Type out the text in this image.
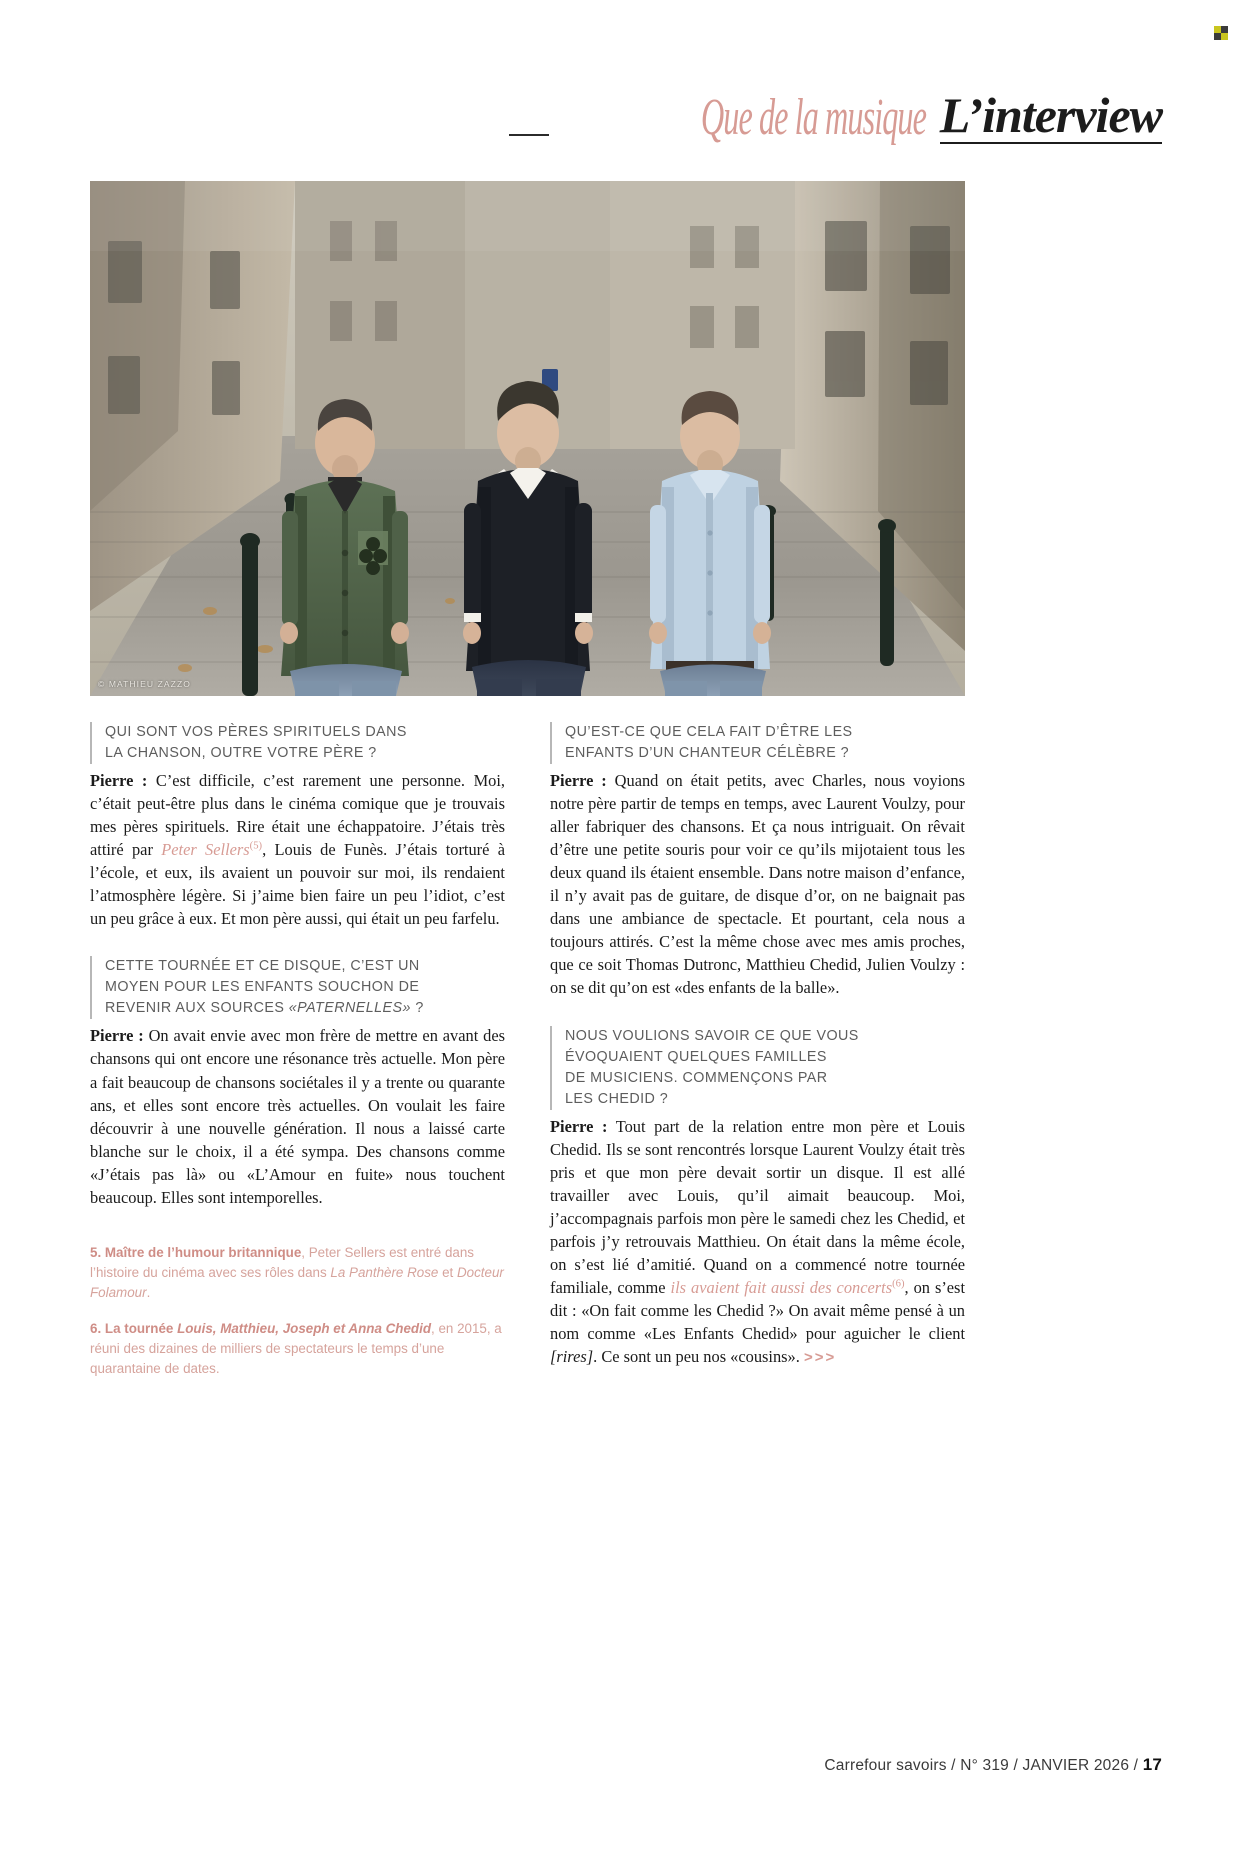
Que de la musique L’interview
© MATHIEU ZAZZO
QUI SONT VOS PÈRES SPIRITUELS DANS
LA CHANSON, OUTRE VOTRE PÈRE ?

Pierre : C’est difficile, c’est rarement une personne. Moi, c’était peut-être plus dans le cinéma comique que je trouvais mes pères spirituels. Rire était une échappatoire. J’étais très attiré par Peter Sellers$^{(5)}$, Louis de Funès. J’étais torturé à l’école, et eux, ils avaient un pouvoir sur moi, ils rendaient l’atmosphère légère. Si j’aime bien faire un peu l’idiot, c’est un peu grâce à eux. Et mon père aussi, qui était un peu farfelu.

CETTE TOURNÉE ET CE DISQUE, C’EST UN
MOYEN POUR LES ENFANTS SOUCHON DE
REVENIR AUX SOURCES «PATERNELLES» ?

Pierre : On avait envie avec mon frère de mettre en avant des chansons qui ont encore une résonance très actuelle. Mon père a fait beaucoup de chansons sociétales il y a trente ou quarante ans, et elles sont encore très actuelles. On voulait les faire découvrir à une nouvelle génération. Il nous a laissé carte blanche sur le choix, il a été sympa. Des chansons comme «J’étais pas là» ou «L’Amour en fuite» nous touchent beaucoup. Elles sont intemporelles.

5. Maître de l’humour britannique, Peter Sellers est entré dans l’histoire du cinéma avec ses rôles dans La Panthère Rose et Docteur Folamour.

6. La tournée Louis, Matthieu, Joseph et Anna Chedid, en 2015, a réuni des dizaines de milliers de spectateurs le temps d’une quarantaine de dates.

QU’EST-CE QUE CELA FAIT D’ÊTRE LES
ENFANTS D’UN CHANTEUR CÉLÈBRE ?

Pierre : Quand on était petits, avec Charles, nous voyions notre père partir de temps en temps, avec Laurent Voulzy, pour aller fabriquer des chansons. Et ça nous intriguait. On rêvait d’être une petite souris pour voir ce qu’ils mijotaient tous les deux quand ils étaient ensemble. Dans notre maison d’enfance, il n’y avait pas de guitare, de disque d’or, on ne baignait pas dans une ambiance de spectacle. Et pourtant, cela nous a toujours attirés. C’est la même chose avec mes amis proches, que ce soit Thomas Dutronc, Matthieu Chedid, Julien Voulzy : on se dit qu’on est «des enfants de la balle».

NOUS VOULIONS SAVOIR CE QUE VOUS
ÉVOQUAIENT QUELQUES FAMILLES
DE MUSICIENS. COMMENÇONS PAR
LES CHEDID ?

Pierre : Tout part de la relation entre mon père et Louis Chedid. Ils se sont rencontrés lorsque Laurent Voulzy était très pris et que mon père devait sortir un disque. Il est allé travailler avec Louis, qu’il aimait beaucoup. Moi, j’accompagnais parfois mon père le samedi chez les Chedid, et parfois j’y retrouvais Matthieu. On était dans la même école, on s’est lié d’amitié. Quand on a commencé notre tournée familiale, comme ils avaient fait aussi des concerts$^{(6)}$, on s’est dit : «On fait comme les Chedid ?» On avait même pensé à un nom comme «Les Enfants Chedid» pour aguicher le client [rires]. Ce sont un peu nos «cousins». >>>

Carrefour savoirs / N° 319 / JANVIER 2026 / 17
